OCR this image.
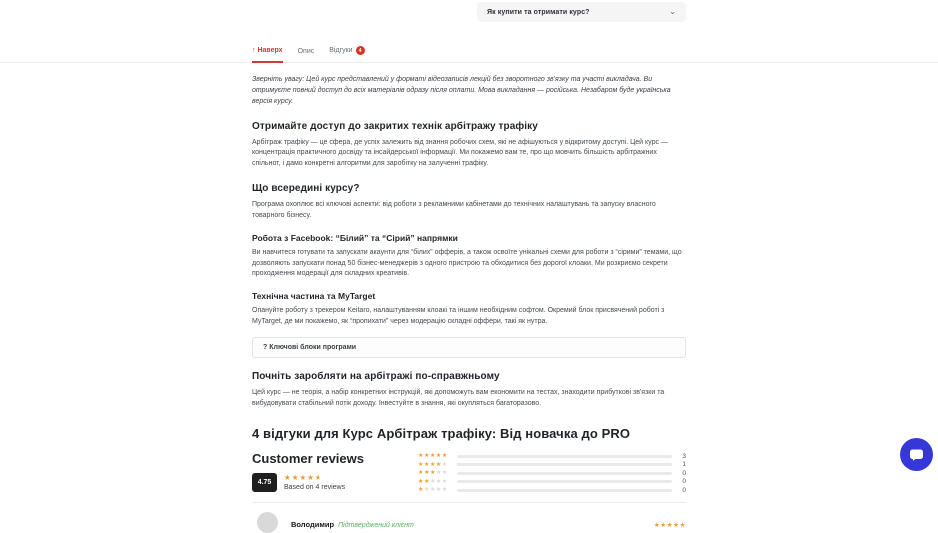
Як купити та отримати курс?	⌄
↑ Наверх Опис Відгуки	4

Зверніть увагу: Цей курс представлений у форматі відеозаписів лекцій без зворотного зв'язку та участі викладача. Ви отримуєте повний доступ до всіх матеріалів одразу після оплати. Мова викладання — російська. Незабаром буде українська версія курсу.

Отримайте доступ до закритих технік арбітражу трафіку

Арбітраж трафіку — це сфера, де успіх залежить від знання робочих схем, які не афішуються у відкритому доступі. Цей курс — концентрація практичного досвіду та інсайдерської інформації. Ми покажемо вам те, про що мовчить більшість арбітражних спільнот, і дамо конкретні алгоритми для заробітку на залученні трафіку.

Що всередині курсу?

Програма охоплює всі ключові аспекти: від роботи з рекламними кабінетами до технічних налаштувань та запуску власного товарного бізнесу.

Робота з Facebook: “Білий” та “Сірий” напрямки

Ви навчитеся готувати та запускати акаунти для “білих” офферів, а також освоїте унікальні схеми для роботи з “сірими” темами, що дозволяють запускати понад 50 бізнес-менеджерів з одного пристрою та обходитися без дорогої клоаки. Ми розкриємо секрети проходження модерації для складних креативів.

Технічна частина та MyTarget

Опануйте роботу з трекером Keitaro, налаштуванням клоакі та іншим необхідним софтом. Окремий блок присвячений роботі з MyTarget, де ми покажемо, як “пропихати” через модерацію складні оффери, такі як нутра.

? Ключові блоки програми
Почніть заробляти на арбітражі по-справжньому

Цей курс — не теорія, а набір конкретних інструкцій, які допоможуть вам економити на тестах, знаходити прибуткові зв'язки та вибудовувати стабільний потік доходу. Інвестуйте в знання, які окупляться багаторазово.

4 відгуки для Курс Арбітраж трафіку: Від новачка до PRO
Customer reviews
4.75
★★★★★
Based on 4 reviews
★★★★★	3
★★★★★	1
★★★★★	0
★★★★★	0
★★★★★	0
Володимир Підтверджений клієнт	★★★★★
